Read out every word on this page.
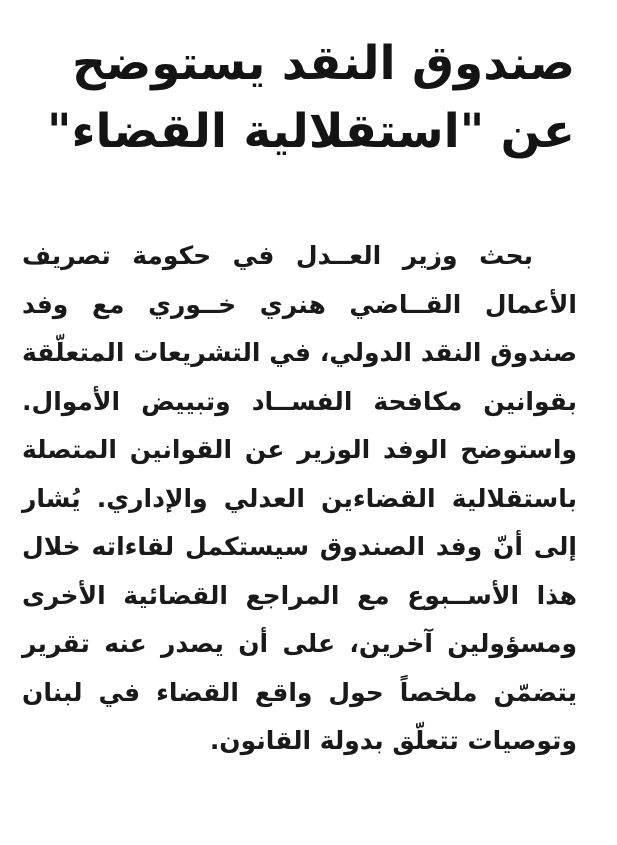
صندوق النقد يستوضح
عن "استقلالية القضاء"
بحث وزير العــدل في حكومة تصريف
الأعمال القــاضي هنري خــوري مع وفد
صندوق النقد الدولي، في التشريعات المتعلّقة
بقوانين مكافحة الفســاد وتبييض الأموال.
واستوضح الوفد الوزير عن القوانين المتصلة
باستقلالية القضاءين العدلي والإداري. يُشار
إلى أنّ وفد الصندوق سيستكمل لقاءاته خلال
هذا الأســبوع مع المراجع القضائية الأخرى
ومسؤولين آخرين، على أن يصدر عنه تقرير
يتضمّن ملخصاً حول واقع القضاء في لبنان
وتوصيات تتعلّق بدولة القانون.
